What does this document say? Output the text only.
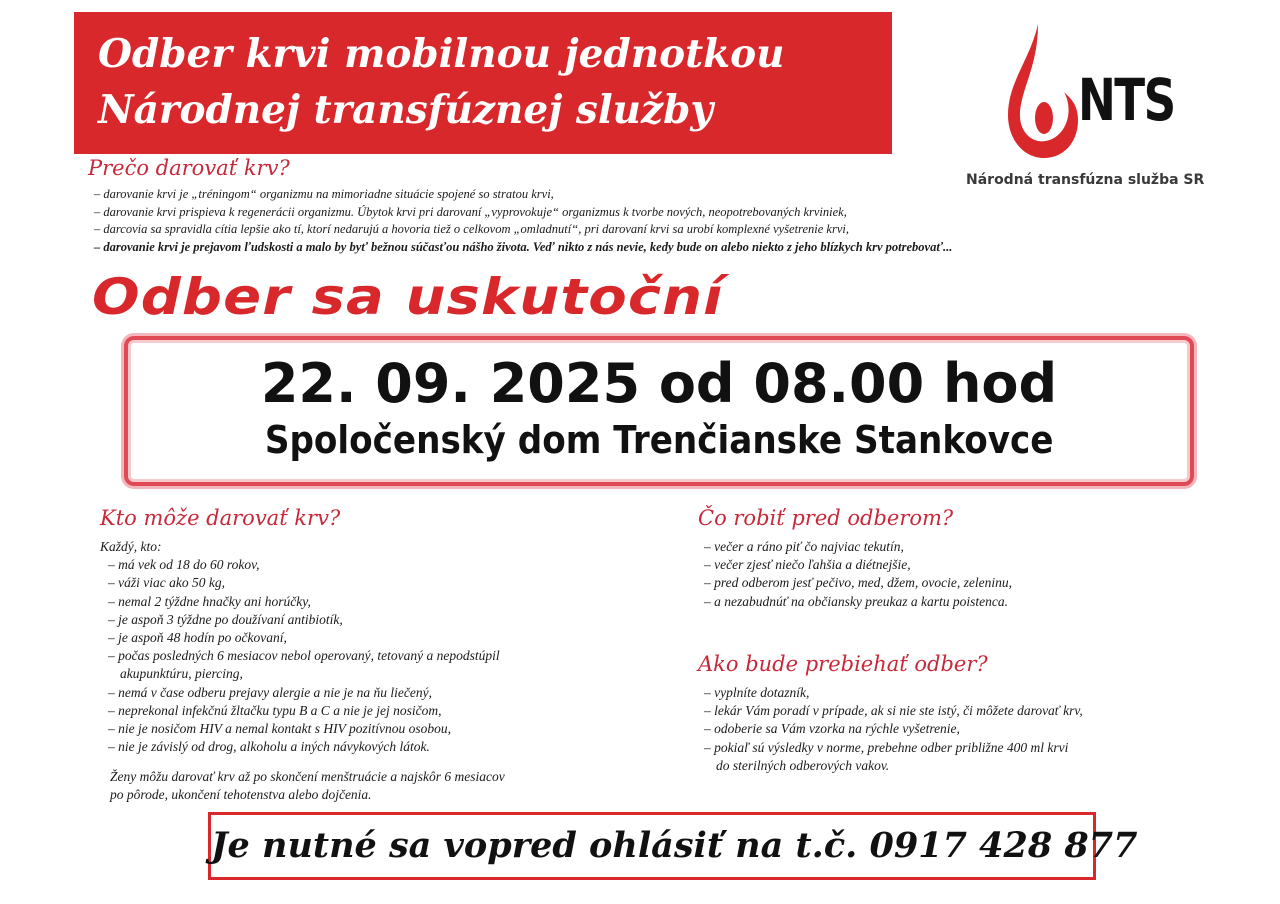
Odber krvi mobilnou jednotkou
Národnej transfúznej služby	NTS
Národná transfúzna služba SR
Prečo darovať krv?
– darovanie krvi je „tréningom“ organizmu na mimoriadne situácie spojené so stratou krvi,
– darovanie krvi prispieva k regenerácii organizmu. Úbytok krvi pri darovaní „vyprovokuje“ organizmus k tvorbe nových, neopotrebovaných krviniek,
– darcovia sa spravidla cítia lepšie ako tí, ktorí nedarujú a hovoria tiež o celkovom „omladnutí“, pri darovaní krvi sa urobí komplexné vyšetrenie krvi,
– darovanie krvi je prejavom ľudskosti a malo by byť bežnou súčasťou nášho života. Veď nikto z nás nevie, kedy bude on alebo niekto z jeho blízkych krv potrebovať...
Odber sa uskutoční
22. 09. 2025 od 08.00 hod
Spoločenský dom Trenčianske Stankovce
Kto môže darovať krv?
Každý, kto:
– má vek od 18 do 60 rokov,
– váži viac ako 50 kg,
– nemal 2 týždne hnačky ani horúčky,
– je aspoň 3 týždne po doužívaní antibiotík,
– je aspoň 48 hodín po očkovaní,
– počas posledných 6 mesiacov nebol operovaný, tetovaný a nepodstúpil
akupunktúru, piercing,
– nemá v čase odberu prejavy alergie a nie je na ňu liečený,
– neprekonal infekčnú žltačku typu B a C a nie je jej nosičom,
– nie je nosičom HIV a nemal kontakt s HIV pozitívnou osobou,
– nie je závislý od drog, alkoholu a iných návykových látok.
Ženy môžu darovať krv až po skončení menštruácie a najskôr 6 mesiacov
po pôrode, ukončení tehotenstva alebo dojčenia.
Čo robiť pred odberom?
– večer a ráno piť čo najviac tekutín,
– večer zjesť niečo ľahšia a diétnejšie,
– pred odberom jesť pečivo, med, džem, ovocie, zeleninu,
– a nezabudnúť na občiansky preukaz a kartu poistenca.
Ako bude prebiehať odber?
– vyplníte dotazník,
– lekár Vám poradí v prípade, ak si nie ste istý, či môžete darovať krv,
– odoberie sa Vám vzorka na rýchle vyšetrenie,
– pokiaľ sú výsledky v norme, prebehne odber približne 400 ml krvi
do sterilných odberových vakov.
Je nutné sa vopred ohlásiť na t.č. 0917 428 877
